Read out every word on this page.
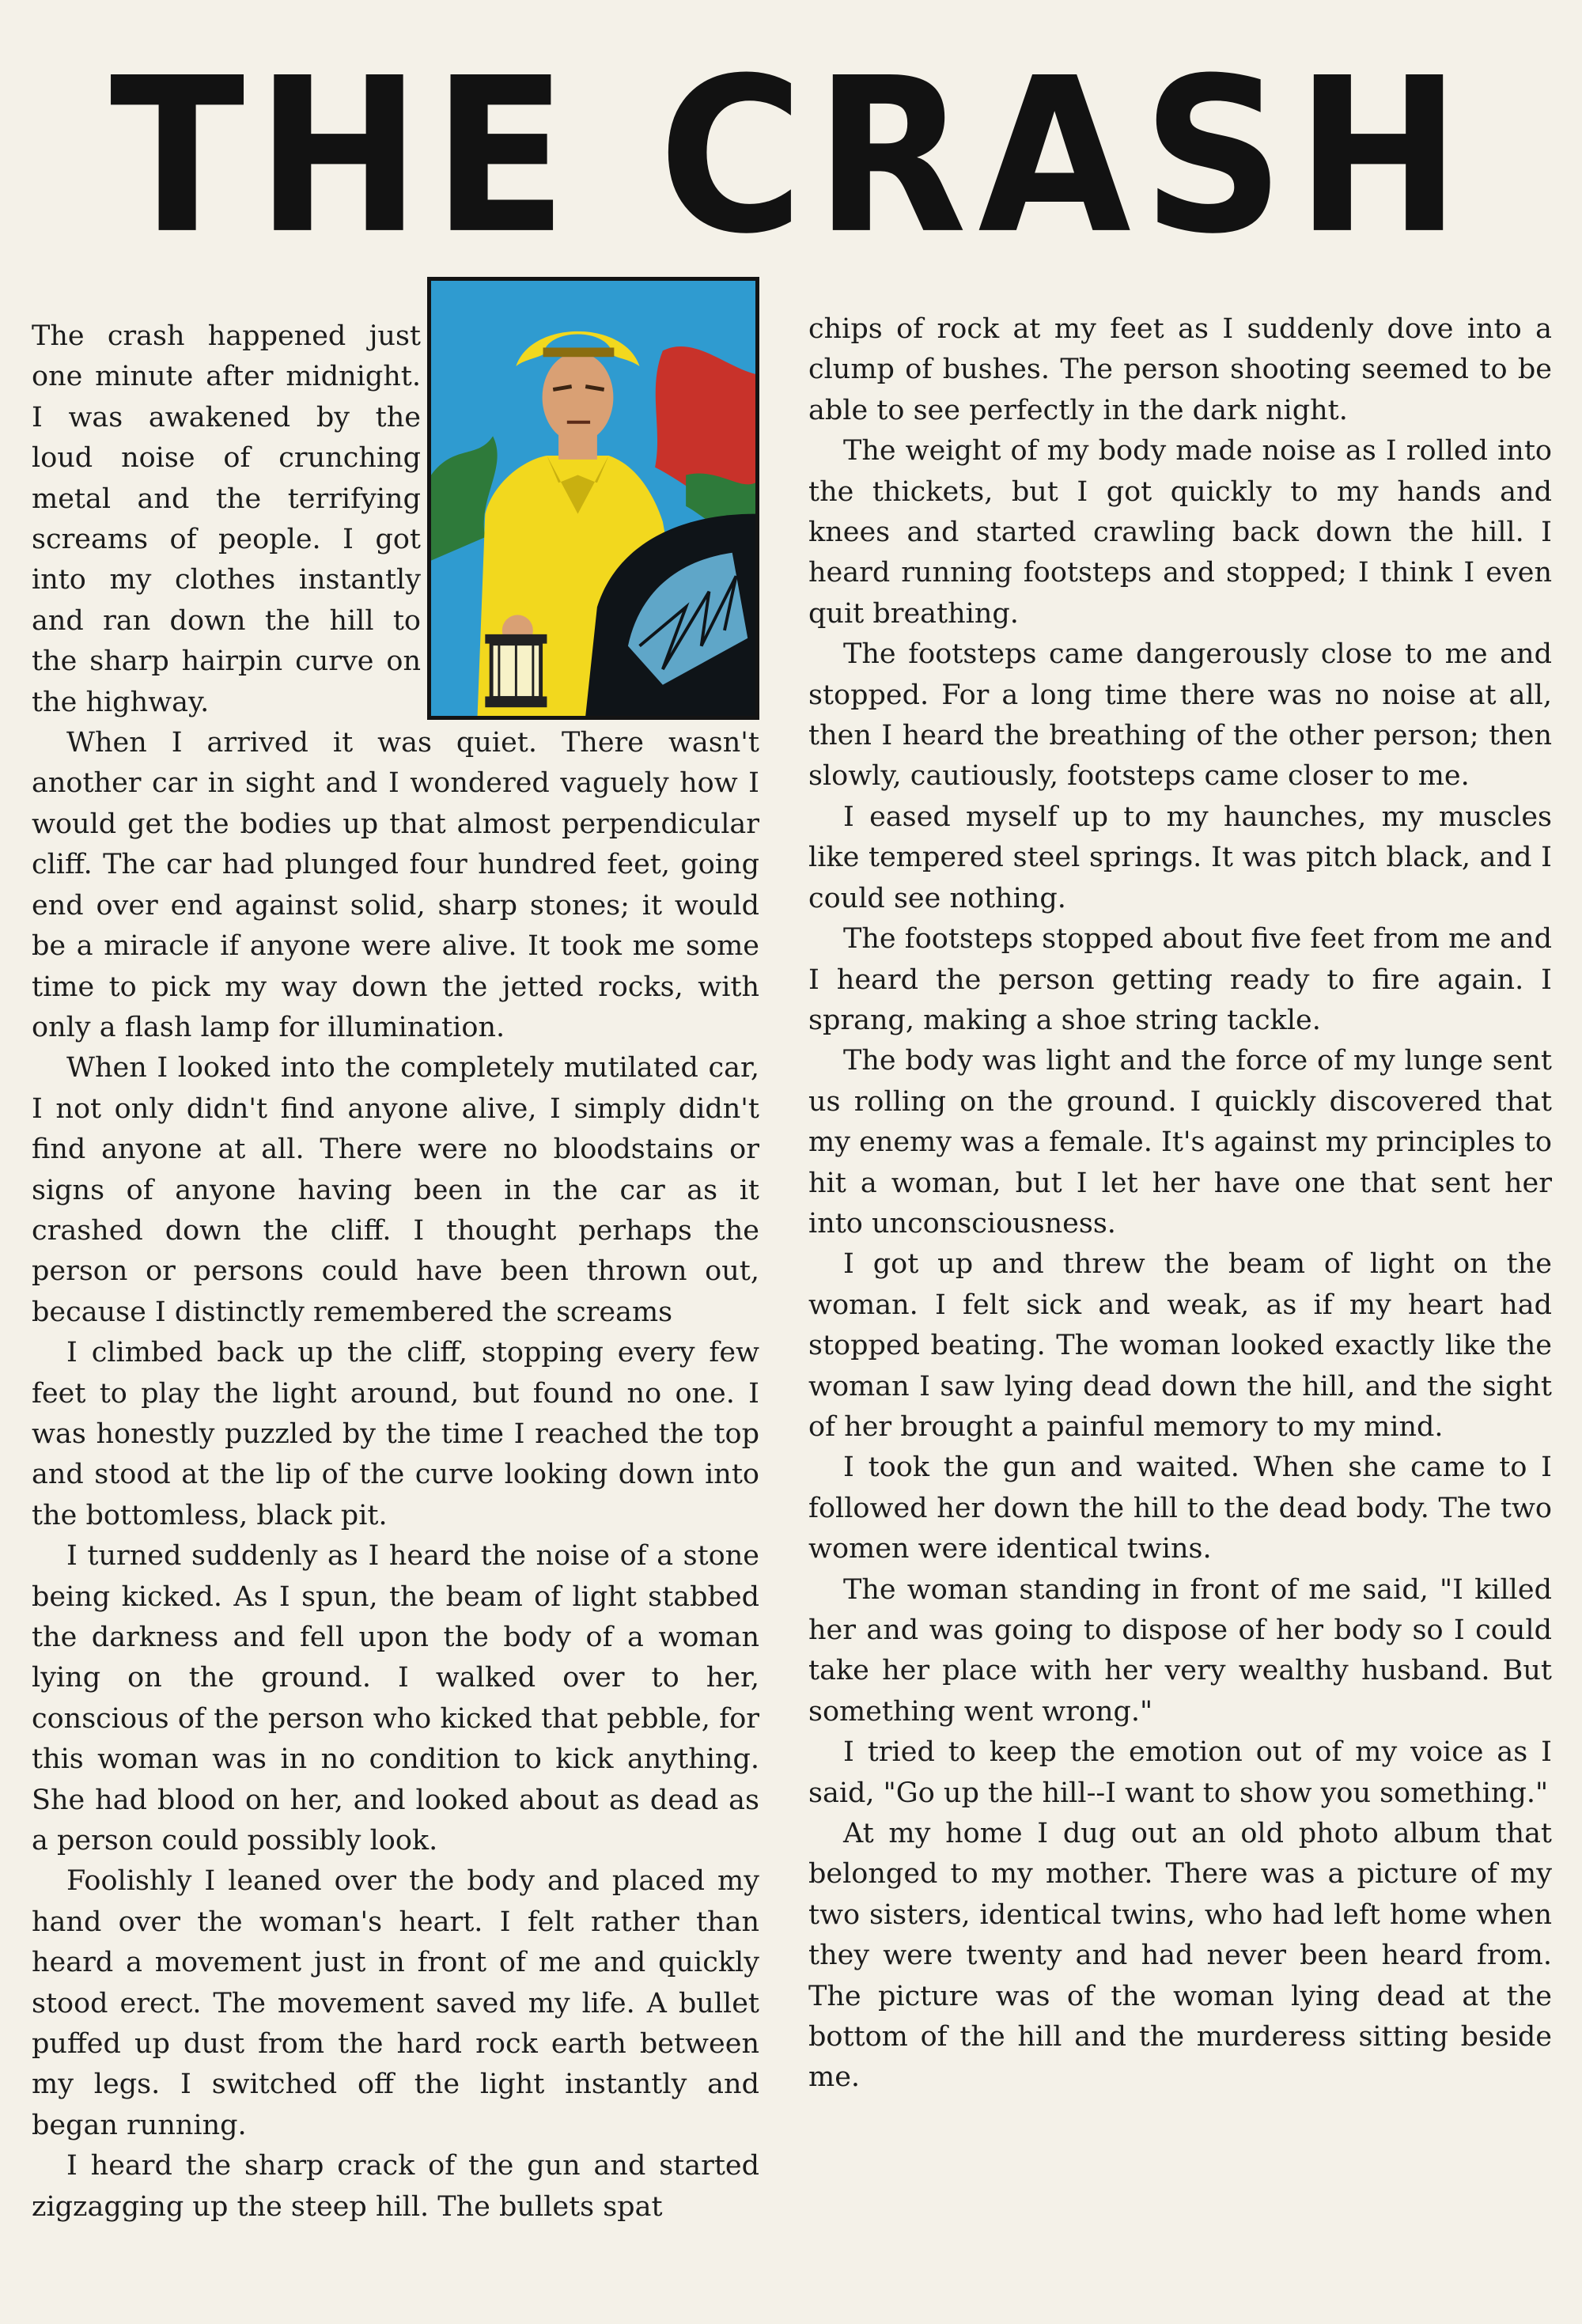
THE CRASH

The crash happened just one minute after midnight. I was awakened by the loud noise of crunching metal and the terrifying screams of people. I got into my clothes instantly and ran down the hill to the sharp hairpin curve on the highway.

When I arrived it was quiet. There wasn't another car in sight and I wondered vaguely how I would get the bodies up that almost perpendicular cliff. The car had plunged four hundred feet, going end over end against solid, sharp stones; it would be a miracle if anyone were alive. It took me some time to pick my way down the jetted rocks, with only a flash lamp for illumination.

When I looked into the completely mutilated car, I not only didn't find anyone alive, I simply didn't find anyone at all. There were no bloodstains or signs of anyone having been in the car as it crashed down the cliff. I thought perhaps the person or persons could have been thrown out, because I distinctly remembered the screams

I climbed back up the cliff, stopping every few feet to play the light around, but found no one. I was honestly puzzled by the time I reached the top and stood at the lip of the curve looking down into the bottomless, black pit.

I turned suddenly as I heard the noise of a stone being kicked. As I spun, the beam of light stabbed the darkness and fell upon the body of a woman lying on the ground. I walked over to her, conscious of the person who kicked that pebble, for this woman was in no condition to kick anything. She had blood on her, and looked about as dead as a person could possibly look.

Foolishly I leaned over the body and placed my hand over the woman's heart. I felt rather than heard a movement just in front of me and quickly stood erect. The movement saved my life. A bullet puffed up dust from the hard rock earth between my legs. I switched off the light instantly and began running.

I heard the sharp crack of the gun and started zigzagging up the steep hill. The bullets spat

chips of rock at my feet as I suddenly dove into a clump of bushes. The person shooting seemed to be able to see perfectly in the dark night.

The weight of my body made noise as I rolled into the thickets, but I got quickly to my hands and knees and started crawling back down the hill. I heard running footsteps and stopped; I think I even quit breathing.

The footsteps came dangerously close to me and stopped. For a long time there was no noise at all, then I heard the breathing of the other person; then slowly, cautiously, footsteps came closer to me.

I eased myself up to my haunches, my muscles like tempered steel springs. It was pitch black, and I could see nothing.

The footsteps stopped about five feet from me and I heard the person getting ready to fire again. I sprang, making a shoe string tackle.

The body was light and the force of my lunge sent us rolling on the ground. I quickly discovered that my enemy was a female. It's against my principles to hit a woman, but I let her have one that sent her into unconsciousness.

I got up and threw the beam of light on the woman. I felt sick and weak, as if my heart had stopped beating. The woman looked exactly like the woman I saw lying dead down the hill, and the sight of her brought a painful memory to my mind.

I took the gun and waited. When she came to I followed her down the hill to the dead body. The two women were identical twins.

The woman standing in front of me said, "I killed her and was going to dispose of her body so I could take her place with her very wealthy husband. But something went wrong."

I tried to keep the emotion out of my voice as I said, "Go up the hill--I want to show you something."

At my home I dug out an old photo album that belonged to my mother. There was a picture of my two sisters, identical twins, who had left home when they were twenty and had never been heard from. The picture was of the woman lying dead at the bottom of the hill and the murderess sitting beside me.
